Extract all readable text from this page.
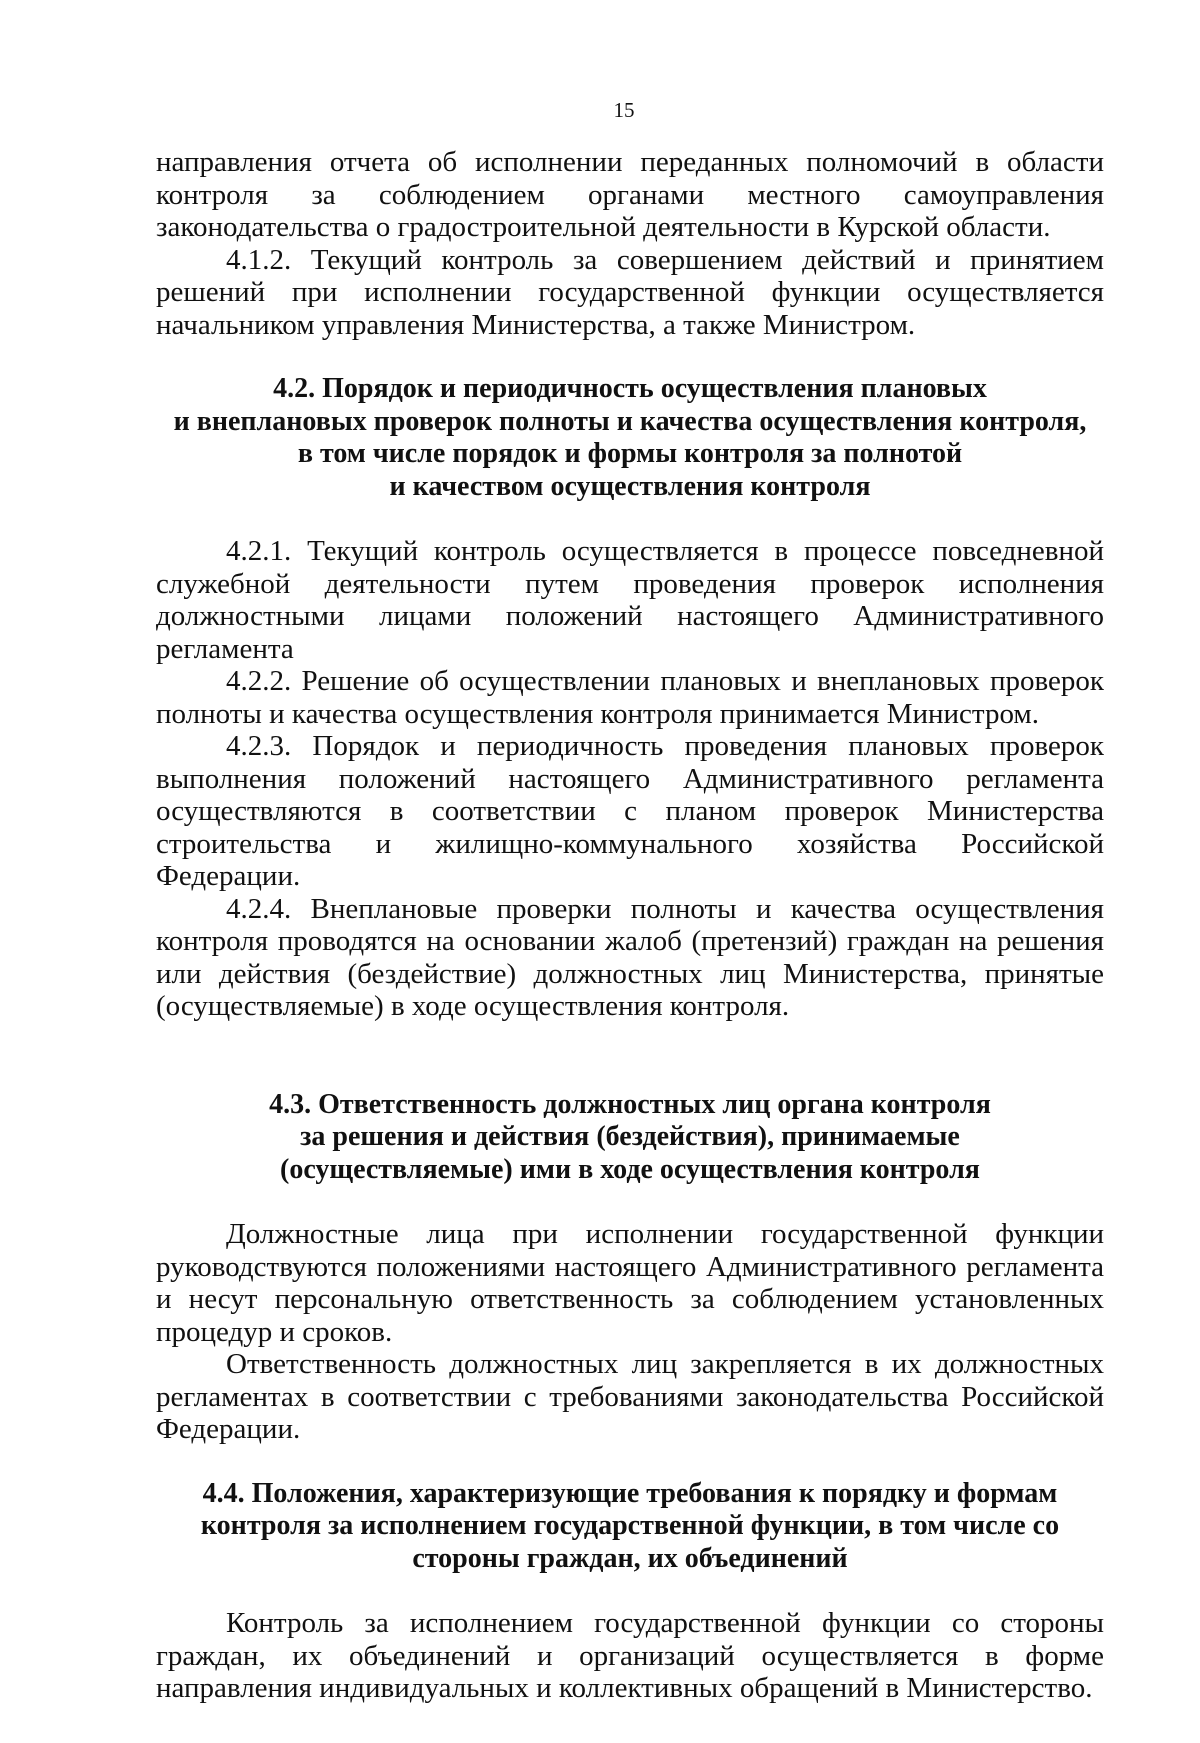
15

направления отчета об исполнении переданных полномочий в области контроля за соблюдением органами местного самоуправления законодательства о градостроительной деятельности в Курской области.

4.1.2. Текущий контроль за совершением действий и принятием решений при исполнении государственной функции осуществляется начальником управления Министерства, а также Министром.

4.2. Порядок и периодичность осуществления плановых
и внеплановых проверок полноты и качества осуществления контроля,
в том числе порядок и формы контроля за полнотой
и качеством осуществления контроля

4.2.1. Текущий контроль осуществляется в процессе повседневной служебной деятельности путем проведения проверок исполнения должностными лицами положений настоящего Административного регламента

4.2.2. Решение об осуществлении плановых и внеплановых проверок полноты и качества осуществления контроля принимается Министром.

4.2.3. Порядок и периодичность проведения плановых проверок выполнения положений настоящего Административного регламента осуществляются в соответствии с планом проверок Министерства строительства и жилищно-коммунального хозяйства Российской Федерации.

4.2.4. Внеплановые проверки полноты и качества осуществления контроля проводятся на основании жалоб (претензий) граждан на решения или действия (бездействие) должностных лиц Министерства, принятые (осуществляемые) в ходе осуществления контроля.

4.3. Ответственность должностных лиц органа контроля
за решения и действия (бездействия), принимаемые
(осуществляемые) ими в ходе осуществления контроля

Должностные лица при исполнении государственной функции руководствуются положениями настоящего Административного регламента и несут персональную ответственность за соблюдением установленных процедур и сроков.

Ответственность должностных лиц закрепляется в их должностных регламентах в соответствии с требованиями законодательства Российской Федерации.

4.4. Положения, характеризующие требования к порядку и формам
контроля за исполнением государственной функции, в том числе со
стороны граждан, их объединений

Контроль за исполнением государственной функции со стороны граждан, их объединений и организаций осуществляется в форме направления индивидуальных и коллективных обращений в Министерство.
